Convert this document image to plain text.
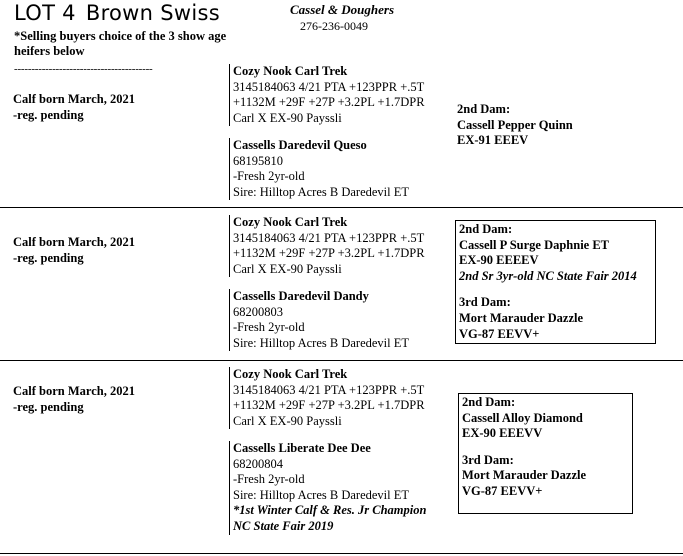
LOT 4 Brown Swiss	Cassel & Doughers
276-236-0049
*Selling buyers choice of the 3 show age heifers below
----------------------------------------
Calf born March, 2021
-reg. pending
Cozy Nook Carl Trek
3145184063 4/21 PTA +123PPR +.5T
+1132M +29F +27P +3.2PL +1.7DPR
Carl X EX-90 Payssli
Cassells Daredevil Queso
68195810
-Fresh 2yr-old
Sire: Hilltop Acres B Daredevil ET
2nd Dam:
Cassell Pepper Quinn
EX-91 EEEV
Calf born March, 2021
-reg. pending
Cozy Nook Carl Trek
3145184063 4/21 PTA +123PPR +.5T
+1132M +29F +27P +3.2PL +1.7DPR
Carl X EX-90 Payssli
Cassells Daredevil Dandy
68200803
-Fresh 2yr-old
Sire: Hilltop Acres B Daredevil ET
2nd Dam:
Cassell P Surge Daphnie ET
EX-90 EEEEV
2nd Sr 3yr-old NC State Fair 2014
3rd Dam:
Mort Marauder Dazzle
VG-87 EEVV+
Calf born March, 2021
-reg. pending
Cozy Nook Carl Trek
3145184063 4/21 PTA +123PPR +.5T
+1132M +29F +27P +3.2PL +1.7DPR
Carl X EX-90 Payssli
Cassells Liberate Dee Dee
68200804
-Fresh 2yr-old
Sire: Hilltop Acres B Daredevil ET
*1st Winter Calf & Res. Jr Champion
NC State Fair 2019
2nd Dam:
Cassell Alloy Diamond
EX-90 EEEVV
3rd Dam:
Mort Marauder Dazzle
VG-87 EEVV+
